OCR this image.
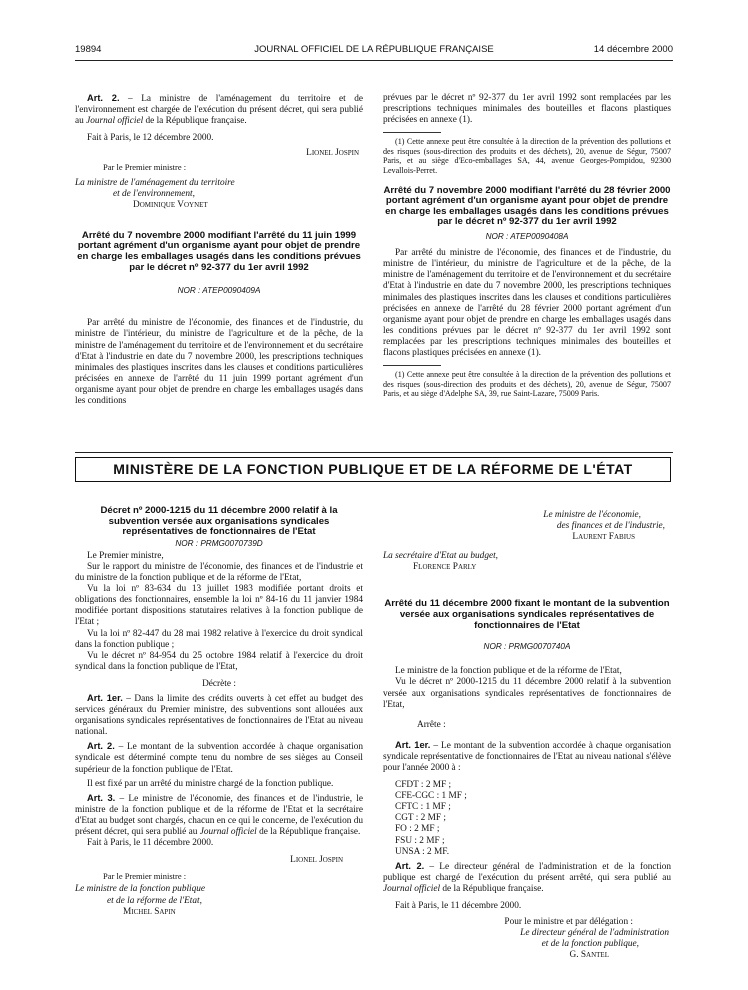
19894	JOURNAL OFFICIEL DE LA RÉPUBLIQUE FRANÇAISE	14 décembre 2000

Art. 2. – La ministre de l'aménagement du territoire et de l'environnement est chargée de l'exécution du présent décret, qui sera publié au Journal officiel de la République française.

Fait à Paris, le 12 décembre 2000.

Lionel Jospin

Par le Premier ministre :

La ministre de l'aménagement du territoire

et de l'environnement,

Dominique Voynet

Arrêté du 7 novembre 2000 modifiant l'arrêté du 11 juin 1999 portant agrément d'un organisme ayant pour objet de prendre en charge les emballages usagés dans les conditions prévues par le décret nº 92-377 du 1er avril 1992

NOR : ATEP0090409A

Par arrêté du ministre de l'économie, des finances et de l'industrie, du ministre de l'intérieur, du ministre de l'agriculture et de la pêche, de la ministre de l'aménagement du territoire et de l'environnement et du secrétaire d'Etat à l'industrie en date du 7 novembre 2000, les prescriptions techniques minimales des plastiques inscrites dans les clauses et conditions particulières précisées en annexe de l'arrêté du 11 juin 1999 portant agrément d'un organisme ayant pour objet de prendre en charge les emballages usagés dans les conditions

prévues par le décret nº 92-377 du 1er avril 1992 sont remplacées par les prescriptions techniques minimales des bouteilles et flacons plastiques précisées en annexe (1).

(1) Cette annexe peut être consultée à la direction de la prévention des pollutions et des risques (sous-direction des produits et des déchets), 20, avenue de Ségur, 75007 Paris, et au siège d'Eco-emballages SA, 44, avenue Georges-Pompidou, 92300 Levallois-Perret.

Arrêté du 7 novembre 2000 modifiant l'arrêté du 28 février 2000 portant agrément d'un organisme ayant pour objet de prendre en charge les emballages usagés dans les conditions prévues par le décret nº 92-377 du 1er avril 1992

NOR : ATEP0090408A

Par arrêté du ministre de l'économie, des finances et de l'industrie, du ministre de l'intérieur, du ministre de l'agriculture et de la pêche, de la ministre de l'aménagement du territoire et de l'environnement et du secrétaire d'Etat à l'industrie en date du 7 novembre 2000, les prescriptions techniques minimales des plastiques inscrites dans les clauses et conditions particulières précisées en annexe de l'arrêté du 28 février 2000 portant agrément d'un organisme ayant pour objet de prendre en charge les emballages usagés dans les conditions prévues par le décret nº 92-377 du 1er avril 1992 sont remplacées par les prescriptions techniques minimales des bouteilles et flacons plastiques précisées en annexe (1).

(1) Cette annexe peut être consultée à la direction de la prévention des pollutions et des risques (sous-direction des produits et des déchets), 20, avenue de Ségur, 75007 Paris, et au siège d'Adelphe SA, 39, rue Saint-Lazare, 75009 Paris.

MINISTÈRE DE LA FONCTION PUBLIQUE ET DE LA RÉFORME DE L'ÉTAT

Décret nº 2000-1215 du 11 décembre 2000 relatif à la subvention versée aux organisations syndicales représentatives de fonctionnaires de l'Etat

NOR : PRMG0070739D

Le Premier ministre,

Sur le rapport du ministre de l'économie, des finances et de l'industrie et du ministre de la fonction publique et de la réforme de l'Etat,

Vu la loi nº 83-634 du 13 juillet 1983 modifiée portant droits et obligations des fonctionnaires, ensemble la loi nº 84-16 du 11 janvier 1984 modifiée portant dispositions statutaires relatives à la fonction publique de l'Etat ;

Vu la loi nº 82-447 du 28 mai 1982 relative à l'exercice du droit syndical dans la fonction publique ;

Vu le décret nº 84-954 du 25 octobre 1984 relatif à l'exercice du droit syndical dans la fonction publique de l'Etat,

Décrète :

Art. 1er. – Dans la limite des crédits ouverts à cet effet au budget des services généraux du Premier ministre, des subventions sont allouées aux organisations syndicales représentatives de fonctionnaires de l'Etat au niveau national.

Art. 2. – Le montant de la subvention accordée à chaque organisation syndicale est déterminé compte tenu du nombre de ses sièges au Conseil supérieur de la fonction publique de l'Etat.

Il est fixé par un arrêté du ministre chargé de la fonction publique.

Art. 3. – Le ministre de l'économie, des finances et de l'industrie, le ministre de la fonction publique et de la réforme de l'Etat et la secrétaire d'Etat au budget sont chargés, chacun en ce qui le concerne, de l'exécution du présent décret, qui sera publié au Journal officiel de la République française.

Fait à Paris, le 11 décembre 2000.

Lionel Jospin

Par le Premier ministre :

Le ministre de la fonction publique

et de la réforme de l'Etat,

Michel Sapin

Le ministre de l'économie,

des finances et de l'industrie,

Laurent Fabius

La secrétaire d'Etat au budget,

Florence Parly

Arrêté du 11 décembre 2000 fixant le montant de la subvention versée aux organisations syndicales représentatives de fonctionnaires de l'Etat

NOR : PRMG0070740A

Le ministre de la fonction publique et de la réforme de l'Etat,

Vu le décret nº 2000-1215 du 11 décembre 2000 relatif à la subvention versée aux organisations syndicales représentatives de fonctionnaires de l'Etat,

Arrête :

Art. 1er. – Le montant de la subvention accordée à chaque organisation syndicale représentative de fonctionnaires de l'Etat au niveau national s'élève pour l'année 2000 à :

CFDT : 2 MF ;

CFE-CGC : 1 MF ;

CFTC : 1 MF ;

CGT : 2 MF ;

FO : 2 MF ;

FSU : 2 MF ;

UNSA : 2 MF.

Art. 2. – Le directeur général de l'administration et de la fonction publique est chargé de l'exécution du présent arrêté, qui sera publié au Journal officiel de la République française.

Fait à Paris, le 11 décembre 2000.

Pour le ministre et par délégation :

Le directeur général de l'administration

et de la fonction publique,

G. Santel
